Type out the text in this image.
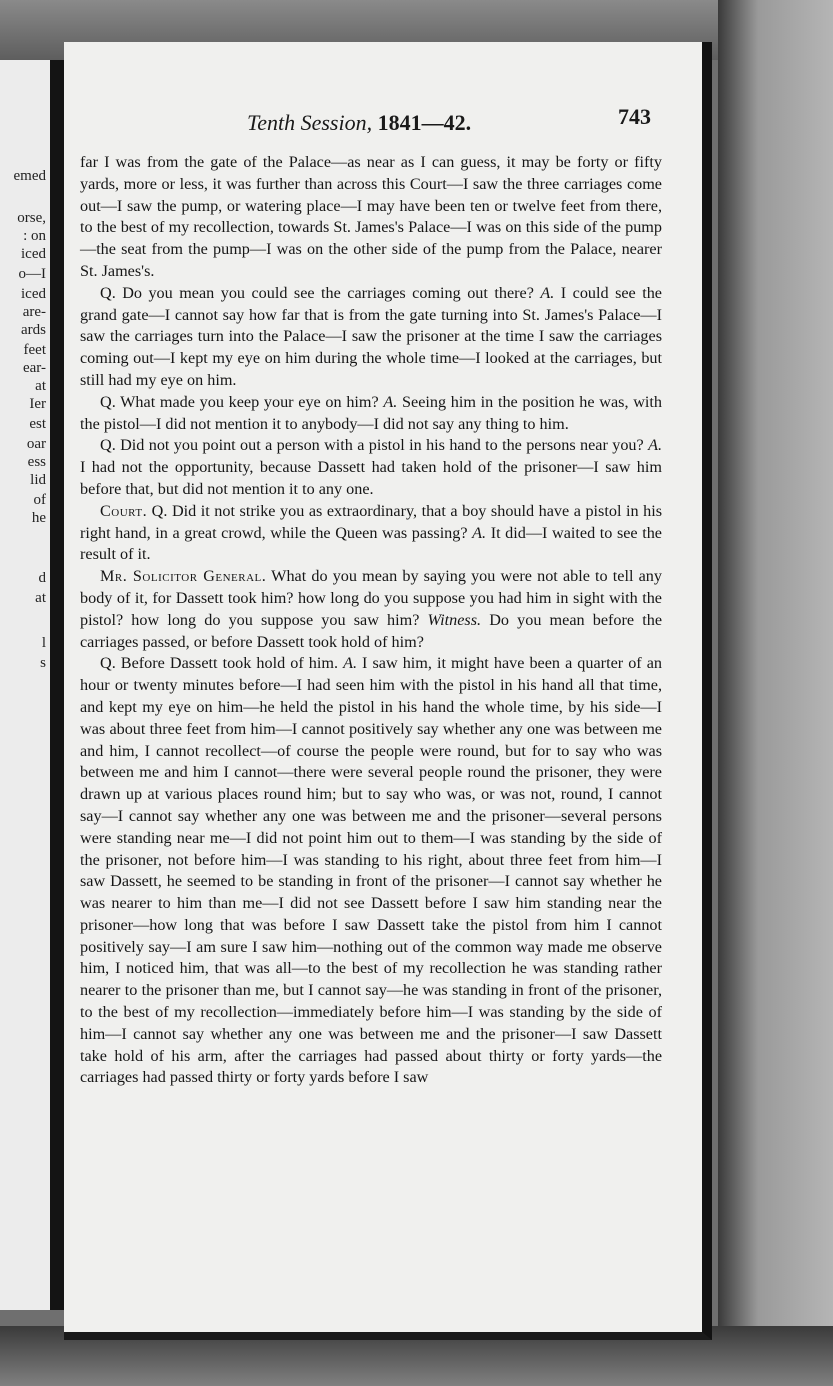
emed
orse,
: on
iced
o—I
iced
are-
ards
feet
ear-
at
Ier
est
oar
ess
lid
of
he
d
at
l
s
Tenth Session, 1841—42.	743

far I was from the gate of the Palace—as near as I can guess, it may be forty or fifty yards, more or less, it was further than across this Court—I saw the three carriages come out—I saw the pump, or watering place—I may have been ten or twelve feet from there, to the best of my recollection, towards St. James's Palace—I was on this side of the pump—the seat from the pump—I was on the other side of the pump from the Palace, nearer St. James's.

Q. Do you mean you could see the carriages coming out there? A. I could see the grand gate—I cannot say how far that is from the gate turning into St. James's Palace—I saw the carriages turn into the Palace—I saw the prisoner at the time I saw the carriages coming out—I kept my eye on him during the whole time—I looked at the carriages, but still had my eye on him.

Q. What made you keep your eye on him? A. Seeing him in the position he was, with the pistol—I did not mention it to anybody—I did not say any thing to him.

Q. Did not you point out a person with a pistol in his hand to the persons near you? A. I had not the opportunity, because Dassett had taken hold of the prisoner—I saw him before that, but did not mention it to any one.

Court. Q. Did it not strike you as extraordinary, that a boy should have a pistol in his right hand, in a great crowd, while the Queen was passing? A. It did—I waited to see the result of it.

Mr. Solicitor General. What do you mean by saying you were not able to tell any body of it, for Dassett took him? how long do you suppose you had him in sight with the pistol? how long do you suppose you saw him? Witness. Do you mean before the carriages passed, or before Dassett took hold of him?

Q. Before Dassett took hold of him. A. I saw him, it might have been a quarter of an hour or twenty minutes before—I had seen him with the pistol in his hand all that time, and kept my eye on him—he held the pistol in his hand the whole time, by his side—I was about three feet from him—I cannot positively say whether any one was between me and him, I cannot recollect—of course the people were round, but for to say who was between me and him I cannot—there were several people round the prisoner, they were drawn up at various places round him; but to say who was, or was not, round, I cannot say—I cannot say whether any one was between me and the prisoner—several persons were standing near me—I did not point him out to them—I was standing by the side of the prisoner, not before him—I was standing to his right, about three feet from him—I saw Dassett, he seemed to be standing in front of the prisoner—I cannot say whether he was nearer to him than me—I did not see Dassett before I saw him standing near the prisoner—how long that was before I saw Dassett take the pistol from him I cannot positively say—I am sure I saw him—nothing out of the common way made me observe him, I noticed him, that was all—to the best of my recollection he was standing rather nearer to the prisoner than me, but I cannot say—he was standing in front of the prisoner, to the best of my recollection—immediately before him—I was standing by the side of him—I cannot say whether any one was between me and the prisoner—I saw Dassett take hold of his arm, after the carriages had passed about thirty or forty yards—the carriages had passed thirty or forty yards before I saw
